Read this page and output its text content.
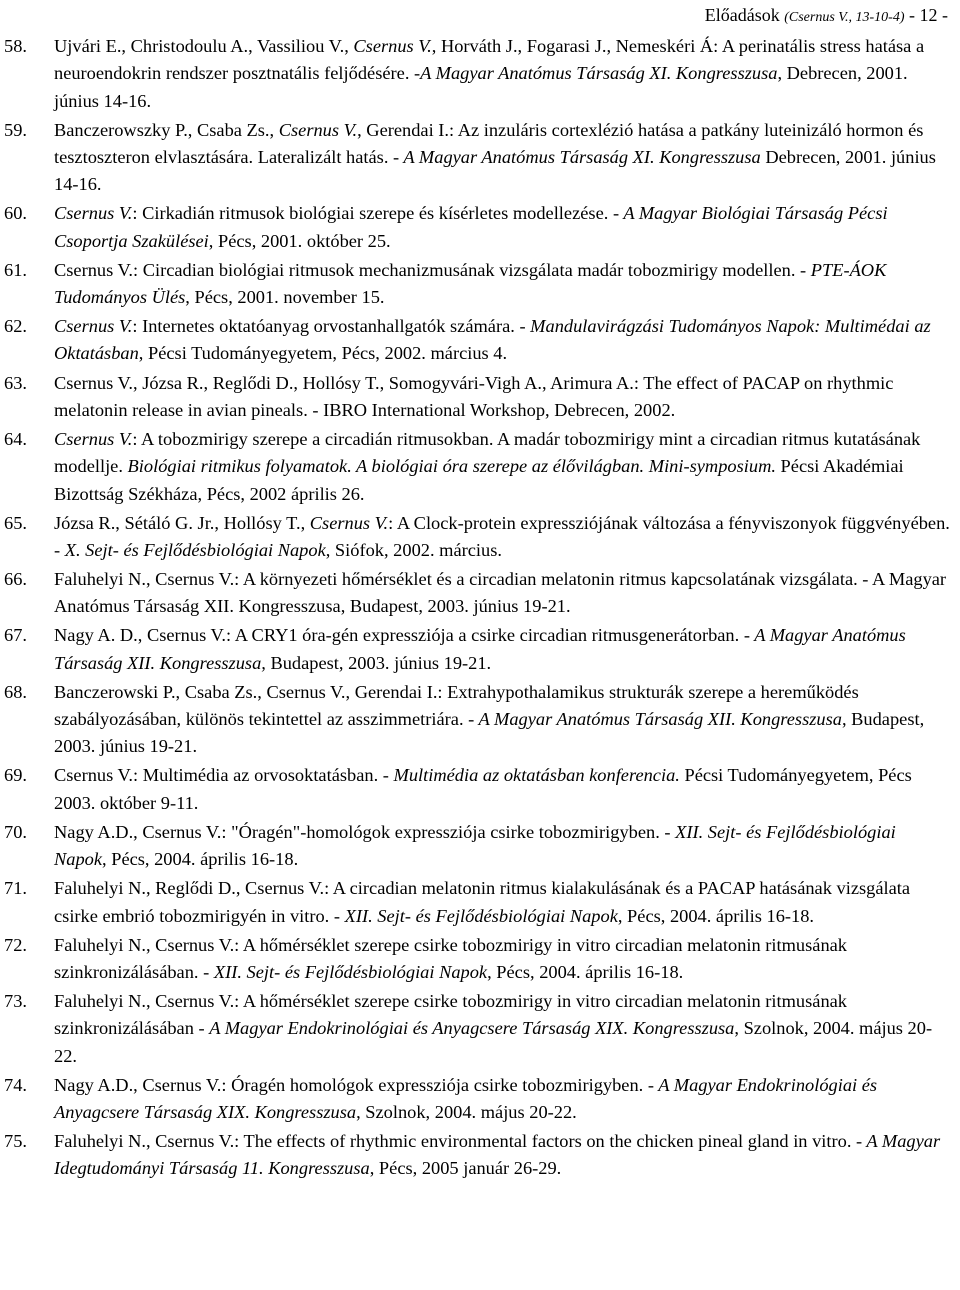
Előadások (Csernus V., 13-10-4) - 12 -
58. Ujvári E., Christodoulu A., Vassiliou V., Csernus V., Horváth J., Fogarasi J., Nemeskéri Á: A perinatális stress hatása a neuroendokrin rendszer posztnatális feljődésére. -A Magyar Anatómus Társaság XI. Kongresszusa, Debrecen, 2001. június 14-16.
59. Banczerowszky P., Csaba Zs., Csernus V., Gerendai I.: Az inzuláris cortexlézió hatása a patkány luteinizáló hormon és tesztoszteron elvlasztására. Lateralizált hatás. - A Magyar Anatómus Társaság XI. Kongresszusa Debrecen, 2001. június 14-16.
60. Csernus V.: Cirkadián ritmusok biológiai szerepe és kísérletes modellezése. - A Magyar Biológiai Társaság Pécsi Csoportja Szakülései, Pécs, 2001. október 25.
61. Csernus V.: Circadian biológiai ritmusok mechanizmusának vizsgálata madár tobozmirigy modellen. - PTE-ÁOK Tudományos Ülés, Pécs, 2001. november 15.
62. Csernus V.: Internetes oktatóanyag orvostanhallgatók számára. - Mandulavirágzási Tudományos Napok: Multimédai az Oktatásban, Pécsi Tudományegyetem, Pécs, 2002. március 4.
63. Csernus V., Józsa R., Reglődi D., Hollósy T., Somogyvári-Vigh A., Arimura A.: The effect of PACAP on rhythmic melatonin release in avian pineals. - IBRO International Workshop, Debrecen, 2002.
64. Csernus V.: A tobozmirigy szerepe a circadián ritmusokban. A madár tobozmirigy mint a circadian ritmus kutatásának modellje. Biológiai ritmikus folyamatok. A biológiai óra szerepe az élővilágban. Mini-symposium. Pécsi Akadémiai Bizottság Székháza, Pécs, 2002 április 26.
65. Józsa R., Sétáló G. Jr., Hollósy T., Csernus V.: A Clock-protein expressziójának változása a fényviszonyok függvényében. - X. Sejt- és Fejlődésbiológiai Napok, Siófok, 2002. március.
66. Faluhelyi N., Csernus V.: A környezeti hőmérséklet és a circadian melatonin ritmus kapcsolatának vizsgálata. - A Magyar Anatómus Társaság XII. Kongresszusa, Budapest, 2003. június 19-21.
67. Nagy A. D., Csernus V.: A CRY1 óra-gén expressziója a csirke circadian ritmusgenerátorban. - A Magyar Anatómus Társaság XII. Kongresszusa, Budapest, 2003. június 19-21.
68. Banczerowski P., Csaba Zs., Csernus V., Gerendai I.: Extrahypothalamikus strukturák szerepe a hereműködés szabályozásában, különös tekintettel az asszimmetriára. - A Magyar Anatómus Társaság XII. Kongresszusa, Budapest, 2003. június 19-21.
69. Csernus V.: Multimédia az orvosoktatásban. - Multimédia az oktatásban konferencia. Pécsi Tudományegyetem, Pécs 2003. október 9-11.
70. Nagy A.D., Csernus V.: "Óragén"-homológok expressziója csirke tobozmirigyben. - XII. Sejt- és Fejlődésbiológiai Napok, Pécs, 2004. április 16-18.
71. Faluhelyi N., Reglődi D., Csernus V.: A circadian melatonin ritmus kialakulásának és a PACAP hatásának vizsgálata csirke embrió tobozmirigyén in vitro. - XII. Sejt- és Fejlődésbiológiai Napok, Pécs, 2004. április 16-18.
72. Faluhelyi N., Csernus V.: A hőmérséklet szerepe csirke tobozmirigy in vitro circadian melatonin ritmusának szinkronizálásában. - XII. Sejt- és Fejlődésbiológiai Napok, Pécs, 2004. április 16-18.
73. Faluhelyi N., Csernus V.: A hőmérséklet szerepe csirke tobozmirigy in vitro circadian melatonin ritmusának szinkronizálásában - A Magyar Endokrinológiai és Anyagcsere Társaság XIX. Kongresszusa, Szolnok, 2004. május 20-22.
74. Nagy A.D., Csernus V.: Óragén homológok expressziója csirke tobozmirigyben. - A Magyar Endokrinológiai és Anyagcsere Társaság XIX. Kongresszusa, Szolnok, 2004. május 20-22.
75. Faluhelyi N., Csernus V.: The effects of rhythmic environmental factors on the chicken pineal gland in vitro. - A Magyar Idegtudományi Társaság 11. Kongresszusa, Pécs, 2005 január 26-29.
